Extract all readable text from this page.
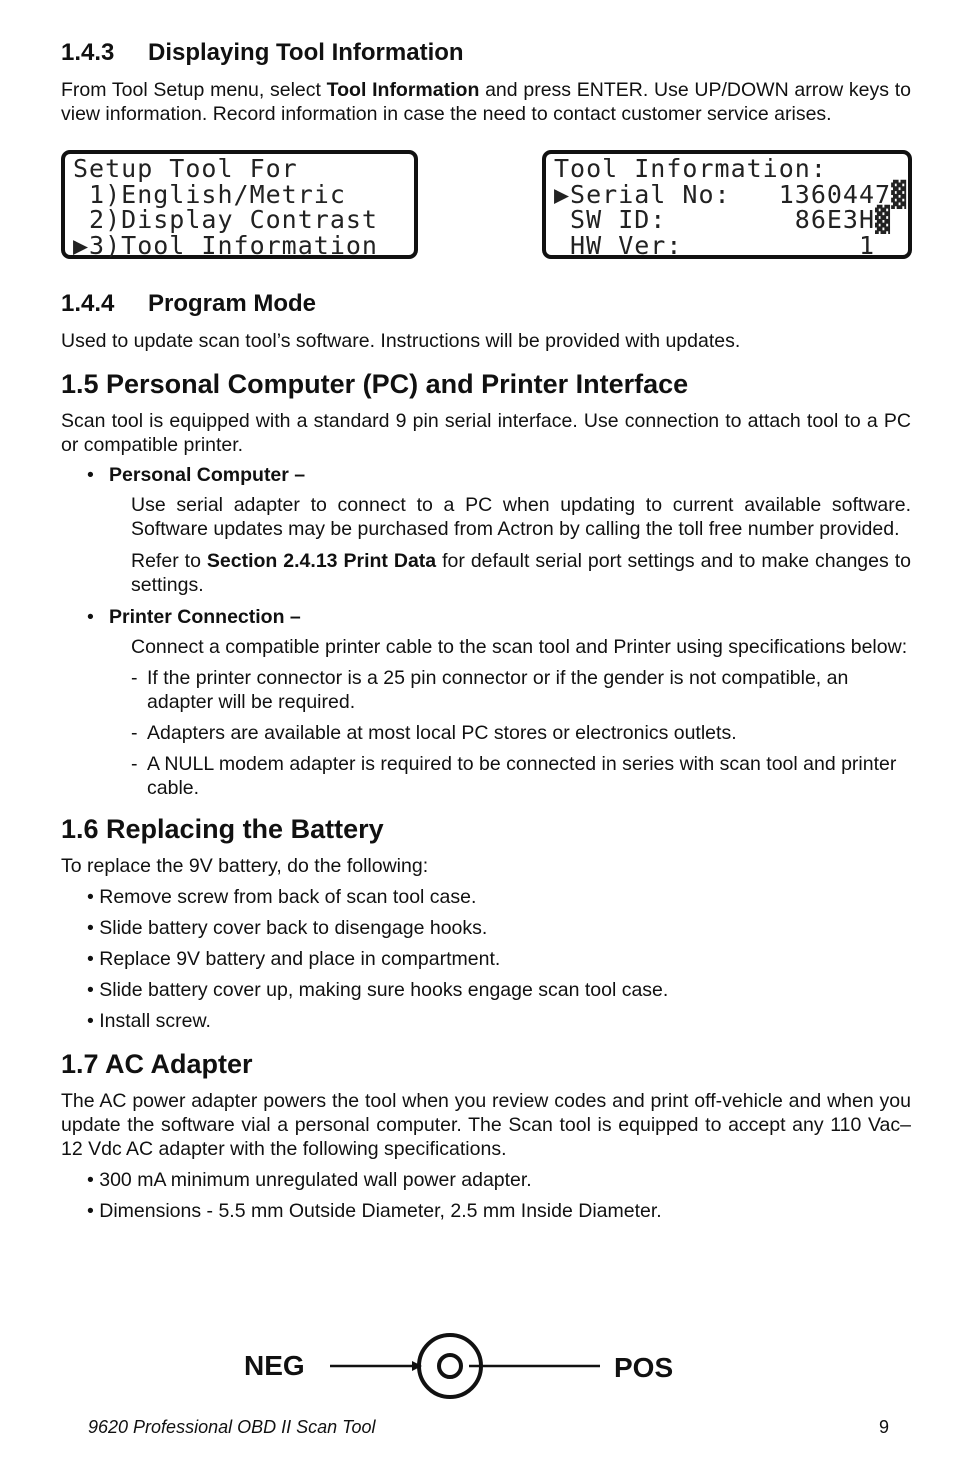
1.4.3 Displaying Tool Information

From Tool Setup menu, select Tool Information and press ENTER. Use UP/DOWN arrow keys to view information. Record information in case the need to contact customer service arises.

Setup Tool For
1)English/Metric
2)Display Contrast
▶3)Tool Information
Tool Information:
▶Serial No:   1360447▓
SW ID:        86E3H▓
HW Ver:           1
1.4.4 Program Mode

Used to update scan tool’s software. Instructions will be provided with updates.

1.5 Personal Computer (PC) and Printer Interface

Scan tool is equipped with a standard 9 pin serial interface. Use connection to attach tool to a PC or compatible printer.

• Personal Computer –

Use serial adapter to connect to a PC when updating to current available software. Software updates may be purchased from Actron by calling the toll free number provided.

Refer to Section 2.4.13 Print Data for default serial port settings and to make changes to settings.

• Printer Connection –

Connect a compatible printer cable to the scan tool and Printer using specifications below:

- If the printer connector is a 25 pin connector or if the gender is not compatible, an adapter will be required.
- Adapters are available at most local PC stores or electronics outlets.
- A NULL modem adapter is required to be connected in series with scan tool and printer cable.
1.6 Replacing the Battery

To replace the 9V battery, do the following:

• Remove screw from back of scan tool case.
• Slide battery cover back to disengage hooks.
• Replace 9V battery and place in compartment.
• Slide battery cover up, making sure hooks engage scan tool case.
• Install screw.
1.7 AC Adapter

The AC power adapter powers the tool when you review codes and print off-vehicle and when you update the software vial a personal computer. The Scan tool is equipped to accept any 110 Vac–12 Vdc AC adapter with the following specifications.

• 300 mA minimum unregulated wall power adapter.
• Dimensions - 5.5 mm Outside Diameter, 2.5 mm Inside Diameter.
NEG	POS
9620 Professional OBD II Scan Tool	9
